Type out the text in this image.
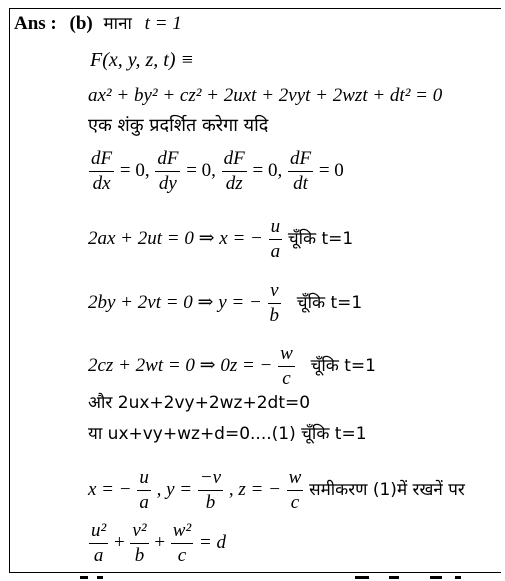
Ans : (b) माना t = 1
F(x, y, z, t) ≡
ax² + by² + cz² + 2uxt + 2vyt + 2wzt + dt² = 0
एक शंकु प्रदर्शित करेगा यदि
$\frac{dF}{dx} = 0$, $\frac{dF}{dy} = 0$, $\frac{dF}{dz} = 0$, $\frac{dF}{dt} = 0$
2ax + 2ut = 0 ⇒ x = − $\frac{u}{a}$ चूँकि t=1
2by + 2vt = 0 ⇒ y = − $\frac{v}{b}$ चूँकि t=1
2cz + 2wt = 0 ⇒ 0z = − $\frac{w}{c}$ चूँकि t=1
और 2ux+2vy+2wz+2dt=0
या ux+vy+wz+d=0....(1) चूँकि t=1
x = − $\frac{u}{a}$ , $y = \frac{-v}{b}$ , z = − $\frac{w}{c}$ समीकरण (1)में रखनें पर
$\frac{\text{u²}}{a} + \frac{\text{v²}}{b} + \frac{\text{w²}}{c} = d$
